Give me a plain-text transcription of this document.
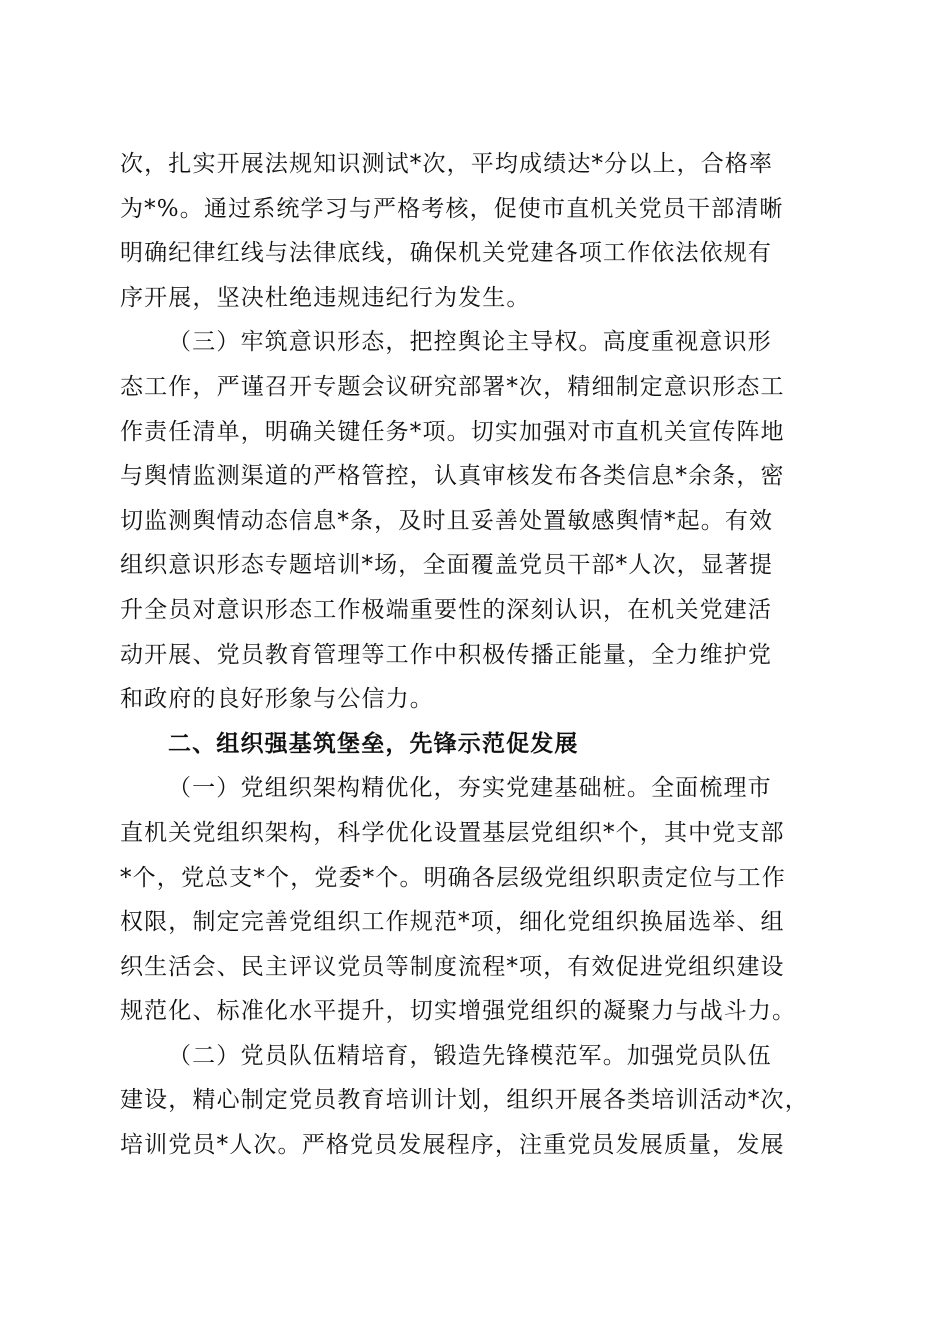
次，扎实开展法规知识测试*次，平均成绩达*分以上，合格率
为*%。通过系统学习与严格考核，促使市直机关党员干部清晰
明确纪律红线与法律底线，确保机关党建各项工作依法依规有
序开展，坚决杜绝违规违纪行为发生。
（三）牢筑意识形态，把控舆论主导权。高度重视意识形
态工作，严谨召开专题会议研究部署*次，精细制定意识形态工
作责任清单，明确关键任务*项。切实加强对市直机关宣传阵地
与舆情监测渠道的严格管控，认真审核发布各类信息*余条，密
切监测舆情动态信息*条，及时且妥善处置敏感舆情*起。有效
组织意识形态专题培训*场，全面覆盖党员干部*人次，显著提
升全员对意识形态工作极端重要性的深刻认识，在机关党建活
动开展、党员教育管理等工作中积极传播正能量，全力维护党
和政府的良好形象与公信力。
二、组织强基筑堡垒，先锋示范促发展
（一）党组织架构精优化，夯实党建基础桩。全面梳理市
直机关党组织架构，科学优化设置基层党组织*个，其中党支部
*个，党总支*个，党委*个。明确各层级党组织职责定位与工作
权限，制定完善党组织工作规范*项，细化党组织换届选举、组
织生活会、民主评议党员等制度流程*项，有效促进党组织建设
规范化、标准化水平提升，切实增强党组织的凝聚力与战斗力。
（二）党员队伍精培育，锻造先锋模范军。加强党员队伍
建设，精心制定党员教育培训计划，组织开展各类培训活动*次，
培训党员*人次。严格党员发展程序，注重党员发展质量，发展
